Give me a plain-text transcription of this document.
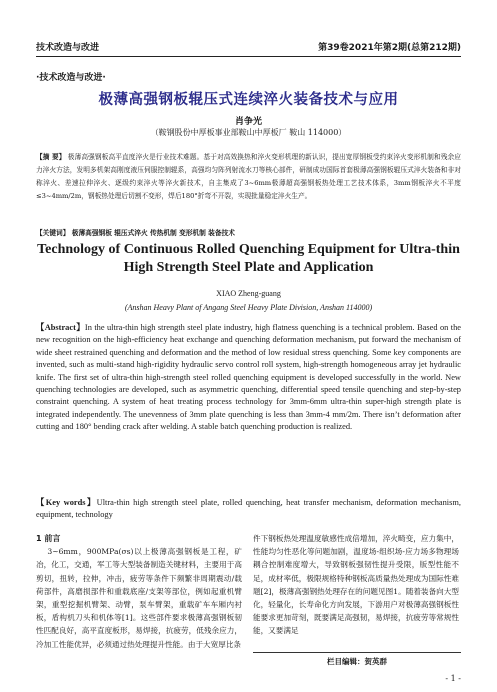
技术改造与改进	第39卷2021年第2期(总第212期)
·技术改造与改进·
极薄高强钢板辊压式连续淬火装备技术与应用
肖争光
（鞍钢股份中厚板事业部鞍山中厚板厂 鞍山 114000）
【摘 要】 极薄高强钢板高平直度淬火是行业技术难题。基于对高效换热和淬火变形机理的新认识，提出宽厚钢板受约束淬火变形机制和残余应力淬火方法，发明多机架高刚度液压伺服控制辊系，高强均匀阵列射流水刀等核心部件，研制成功国际首套极薄高强钢板辊压式淬火装备和非对称淬火、差速拉伸淬火、逐级约束淬火等淬火新技术，自主集成了3~6mm极薄超高强钢板热处理工艺技术体系，3mm钢板淬火不平度≤3~4mm/2m，钢板热处理后切割不变形，焊后180°折弯不开裂，实现批量稳定淬火生产。
【关键词】 极薄高强钢板 辊压式淬火 传热机制 变形机制 装备技术
Technology of Continuous Rolled Quenching Equipment for Ultra-thin
High Strength Steel Plate and Application
XIAO Zheng-guang
(Anshan Heavy Plant of Angang Steel Heavy Plate Division, Anshan 114000)
【Abstract】In the ultra-thin high strength steel plate industry, high flatness quenching is a technical problem. Based on the new recognition on the high-efficiency heat exchange and quenching deformation mechanism, put forward the mechanism of wide sheet restrained quenching and deformation and the method of low residual stress quenching. Some key components are invented, such as multi-stand high-rigidity hydraulic servo control roll system, high-strength homogeneous array jet hydraulic knife. The first set of ultra-thin high-strength steel rolled quenching equipment is developed successfully in the world. New quenching technologies are developed, such as asymmetric quenching, differential speed tensile quenching and step-by-step constraint quenching. A system of heat treating process technology for 3mm-6mm ultra-thin super-high strength plate is integrated independently. The unevenness of 3mm plate quenching is less than 3mm-4 mm/2m. There isn’t deformation after cutting and 180° bending crack after welding. A stable batch quenching production is realized.
【Key words】Ultra-thin high strength steel plate, rolled quenching, heat transfer mechanism, deformation mechanism, equipment, technology
1 前言
3~6mm，900MPa(σs)以上极薄高强钢板是工程，矿冶，化工，交通，军工等大型装备制造关键材料，主要用于高剪切，扭转，拉伸，冲击，疲劳等条件下频繁非周期震动/载荷部件，高磨损部件和重载底座/支架等部位，例如起重机臂架，重型挖掘机臂架、动臂，泵车臂架，重载矿车车厢内衬板，盾构机刀头和机体等[1]。这些部件要求极薄高强钢板韧性匹配良好，高平直度板形，易焊接，抗疲劳，低残余应力，冷加工性能优异，必须通过热处理提升性能。由于大宽厚比条
件下钢板热处理温度敏感性成倍增加，淬火畸变，应力集中，性能均匀性恶化等问题加剧，温度场-组织场-应力场多物理场耦合控制难度增大，导致钢板强韧性提升受限，版型性能不足，成材率低，极限规格特种钢板高质量热处理成为国际性难题[2]，极薄高强钢热处理存在的问题见图1。随着装备向大型化，轻量化，长寿命化方向发展，下游用户对极薄高强钢板性能要求更加苛刻，既要满足高强韧，易焊接，抗疲劳等常规性能，又要满足
栏目编辑：贺英群
- 1 -
